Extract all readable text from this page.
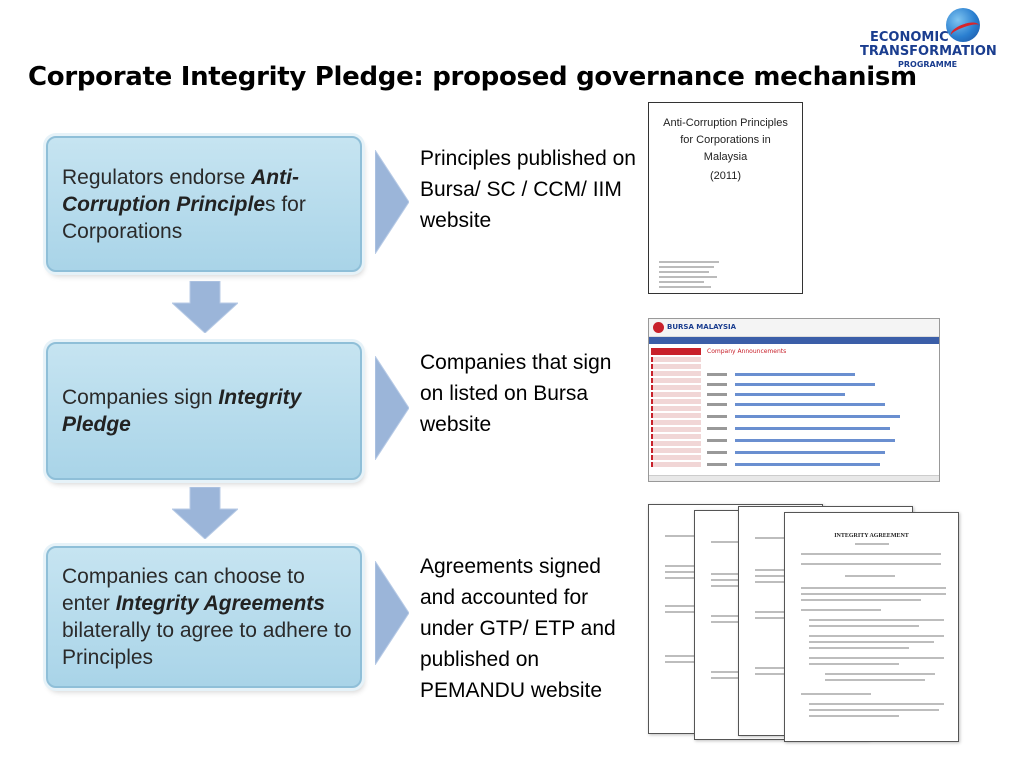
Corporate Integrity Pledge: proposed governance mechanism
ECONOMIC
TRANSFORMATION
PROGRAMME
Regulators endorse Anti-Corruption Principles for Corporations
Principles published on Bursa/ SC / CCM/ IIM website
Companies sign Integrity Pledge
Companies that sign on listed on Bursa website
Companies can choose to enter Integrity Agreements bilaterally to agree to adhere to Principles
Agreements signed and accounted for under GTP/ ETP and published on PEMANDU website
Anti-Corruption Principles for Corporations in Malaysia
(2011)
BURSA MALAYSIA
Company Announcements
INTEGRITY AGREEMENT
